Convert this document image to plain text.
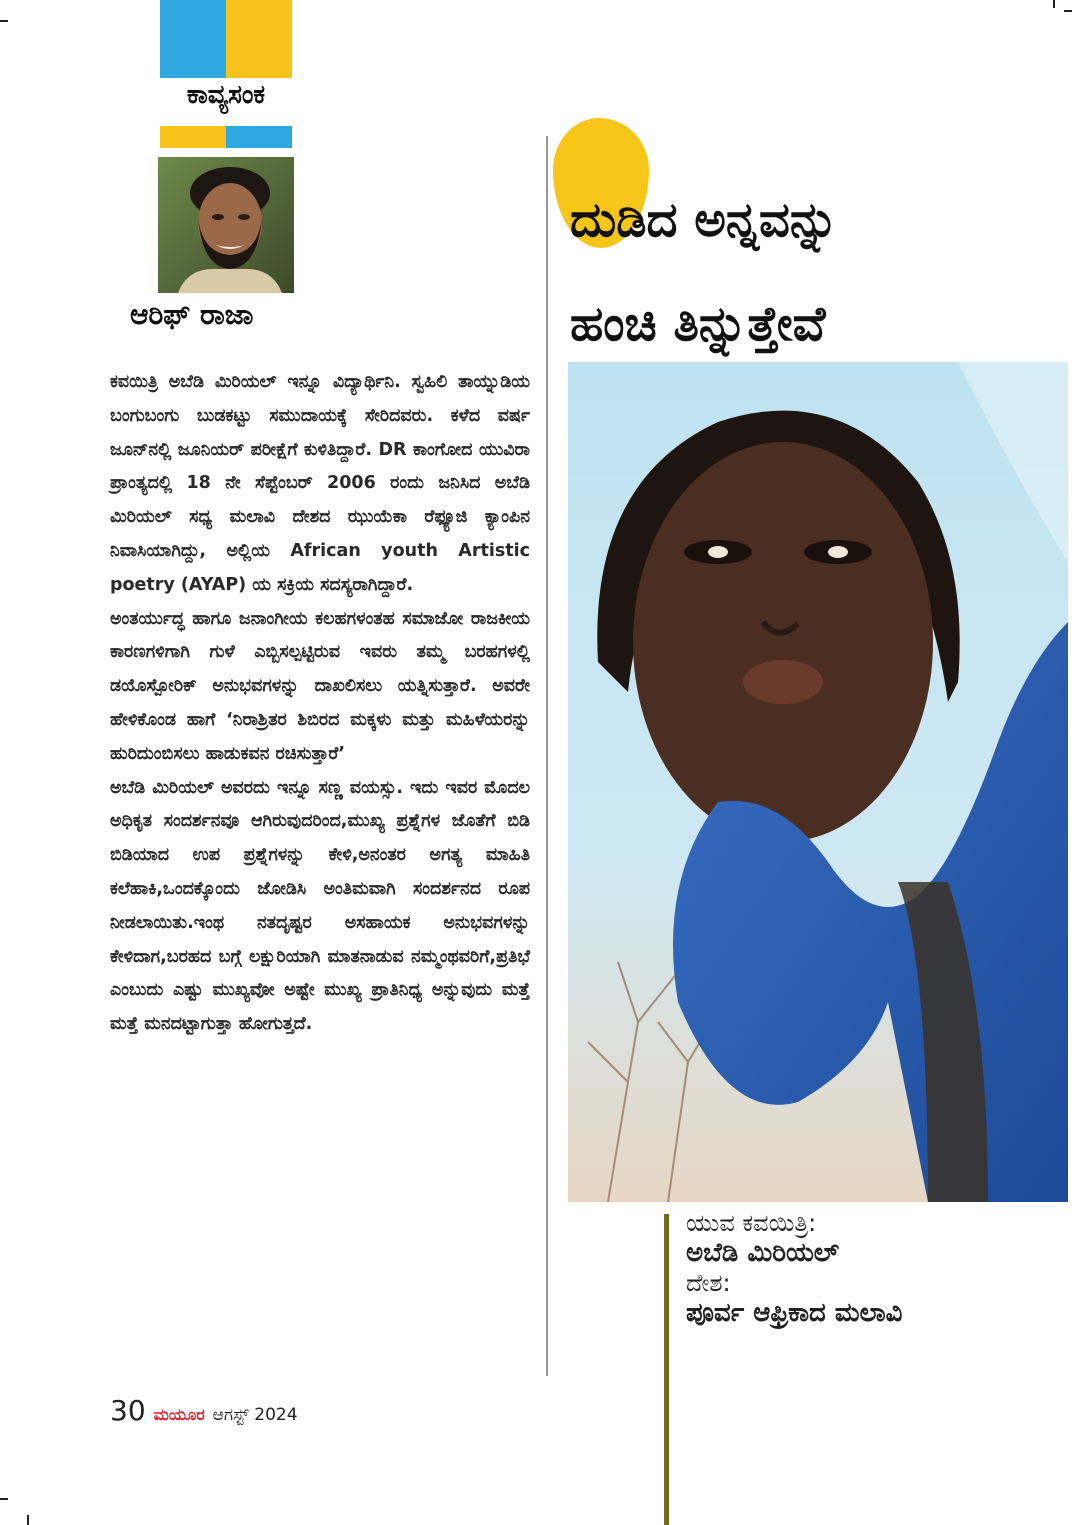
ಕಾವ್ಯಸಂಕ
ಆರಿಫ್ ರಾಜಾ

ಕವಯಿತ್ರಿ ಅಬೆಡಿ ಮಿರಿಯಲ್ ಇನ್ನೂ ವಿದ್ಯಾರ್ಥಿನಿ. ಸ್ವಹಿಲಿ ತಾಯ್ನುಡಿಯ ಬಂಗುಬಂಗು ಬುಡಕಟ್ಟು ಸಮುದಾಯಕ್ಕೆ ಸೇರಿದವರು. ಕಳೆದ ವರ್ಷ ಜೂನ್‌ನಲ್ಲಿ ಜೂನಿಯರ್ ಪರೀಕ್ಷೆಗೆ ಕುಳಿತಿದ್ದಾರೆ. DR ಕಾಂಗೋದ ಯುವಿರಾ ಪ್ರಾಂತ್ಯದಲ್ಲಿ 18 ನೇ ಸೆಪ್ಟೆಂಬರ್ 2006 ರಂದು ಜನಿಸಿದ ಅಬೆಡಿ ಮಿರಿಯಲ್ ಸಧ್ಯ ಮಲಾವಿ ದೇಶದ ಝುಯೆಕಾ ರೆಫ್ಯೂಜಿ ಕ್ಯಾಂಪಿನ ನಿವಾಸಿಯಾಗಿದ್ದು, ಅಲ್ಲಿಯ African youth Artistic poetry (AYAP) ಯ ಸಕ್ರಿಯ ಸದಸ್ಯರಾಗಿದ್ದಾರೆ.

ಅಂತರ್ಯುದ್ಧ ಹಾಗೂ ಜನಾಂಗೀಯ ಕಲಹಗಳಂತಹ ಸಮಾಜೋ ರಾಜಕೀಯ ಕಾರಣಗಳಿಗಾಗಿ ಗುಳೆ ಎಬ್ಬಿಸಲ್ಪಟ್ಟಿರುವ ಇವರು ತಮ್ಮ ಬರಹಗಳಲ್ಲಿ ಡಯೊಸ್ಪೋರಿಕ್ ಅನುಭವಗಳನ್ನು ದಾಖಲಿಸಲು ಯತ್ನಿಸುತ್ತಾರೆ. ಅವರೇ ಹೇಳಿಕೊಂಡ ಹಾಗೆ ‘ನಿರಾಶ್ರಿತರ ಶಿಬಿರದ ಮಕ್ಕಳು ಮತ್ತು ಮಹಿಳೆಯರನ್ನು ಹುರಿದುಂಬಿಸಲು ಹಾಡುಕವನ ರಚಿಸುತ್ತಾರೆ’

ಅಬೆಡಿ ಮಿರಿಯಲ್ ಅವರದು ಇನ್ನೂ ಸಣ್ಣ ವಯಸ್ಸು. ಇದು ಇವರ ಮೊದಲ ಅಧಿಕೃತ ಸಂದರ್ಶನವೂ ಆಗಿರುವುದರಿಂದ,ಮುಖ್ಯ ಪ್ರಶ್ನೆಗಳ ಜೊತೆಗೆ ಬಿಡಿ ಬಿಡಿಯಾದ ಉಪ ಪ್ರಶ್ನೆಗಳನ್ನು ಕೇಳಿ,ಅನಂತರ ಅಗತ್ಯ ಮಾಹಿತಿ ಕಲೆಹಾಕಿ,ಒಂದಕ್ಕೊಂದು ಜೋಡಿಸಿ ಅಂತಿಮವಾಗಿ ಸಂದರ್ಶನದ ರೂಪ ನೀಡಲಾಯಿತು.ಇಂಥ ನತದೃಷ್ಟರ ಅಸಹಾಯಕ ಅನುಭವಗಳನ್ನು ಕೇಳಿದಾಗ,ಬರಹದ ಬಗ್ಗೆ ಲಕ್ಷುರಿಯಾಗಿ ಮಾತನಾಡುವ ನಮ್ಮಂಥವರಿಗೆ,ಪ್ರತಿಭೆ ಎಂಬುದು ಎಷ್ಟು ಮುಖ್ಯವೋ ಅಷ್ಟೇ ಮುಖ್ಯ ಪ್ರಾತಿನಿಧ್ಯ ಅನ್ನುವುದು ಮತ್ತೆ ಮತ್ತೆ ಮನದಟ್ಟಾಗುತ್ತಾ ಹೋಗುತ್ತದೆ.

ದುಡಿದ ಅನ್ನವನ್ನು
ಹಂಚಿ ತಿನ್ನುತ್ತೇವೆ
ಯುವ ಕವಯಿತ್ರಿ:
ಅಬೆಡಿ ಮಿರಿಯಲ್
ದೇಶ:
ಪೂರ್ವ ಆಫ್ರಿಕಾದ ಮಲಾವಿ
30 ಮಯೂರ ಆಗಸ್ಟ್ 2024
